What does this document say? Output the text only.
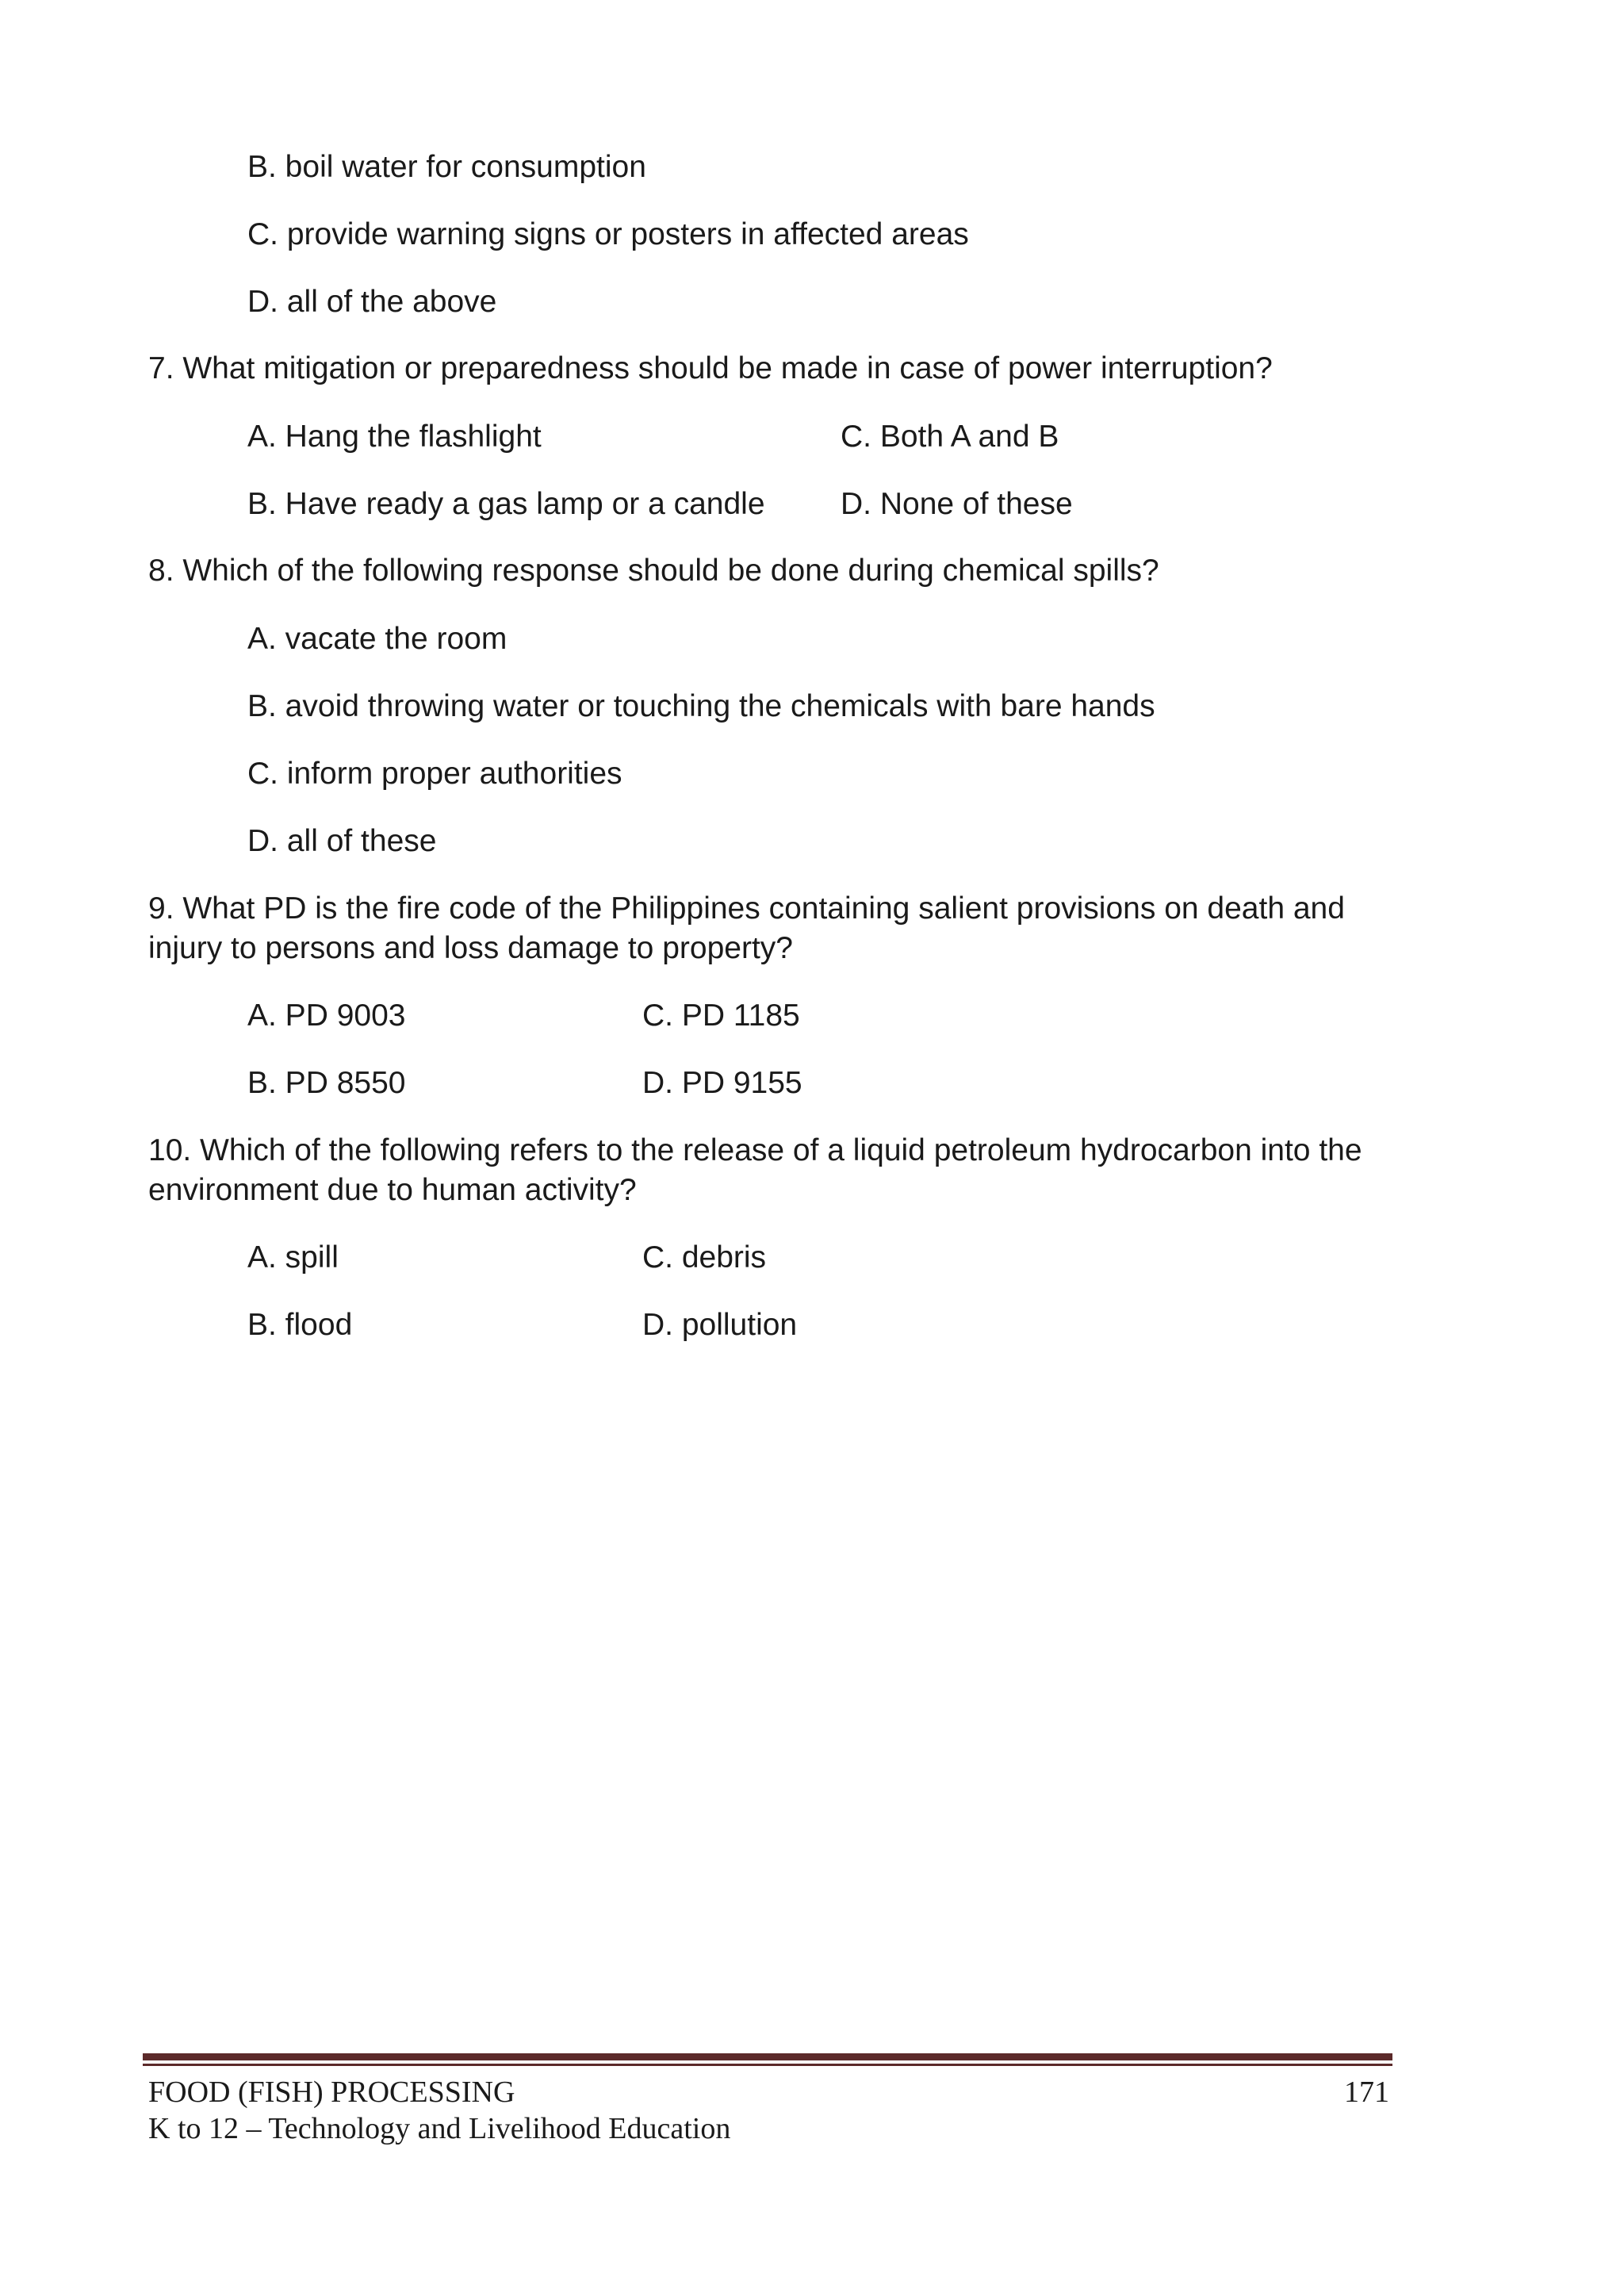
B. boil water for consumption
C. provide warning signs or posters in affected areas
D. all of the above
7. What mitigation or preparedness should be made in case of power interruption?
A. Hang the flashlight	C. Both A and B
B. Have ready a gas lamp or a candle D. None of these
8. Which of the following response should be done during chemical spills?
A. vacate the room
B. avoid throwing water or touching the chemicals with bare hands
C. inform proper authorities
D. all of these
9. What PD is the fire code of the Philippines containing salient provisions on death and
injury to persons and loss damage to property?
A. PD 9003	C. PD 1185
B. PD 8550	D. PD 9155
10. Which of the following refers to the release of a liquid petroleum hydrocarbon into the
environment due to human activity?
A. spill	C. debris
B. flood	D. pollution
FOOD (FISH) PROCESSING
K to 12 – Technology and Livelihood Education
171
